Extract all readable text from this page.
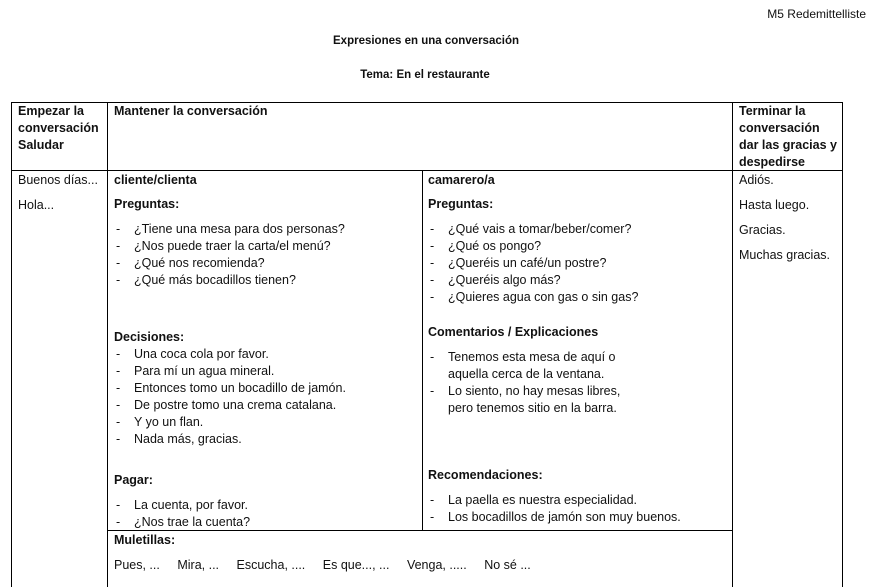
M5 Redemittelliste
Expresiones en una conversación
Tema: En el restaurante
Empezar la conversación Saludar
Mantener la conversación	Terminar la conversación dar las gracias y despedirse

Buenos días...

Hola...

cliente/clienta

Preguntas:

- ¿Tiene una mesa para dos personas?
- ¿Nos puede traer la carta/el menú?
- ¿Qué nos recomienda?
- ¿Qué más bocadillos tienen?

Decisiones:

- Una coca cola por favor.
- Para mí un agua mineral.
- Entonces tomo un bocadillo de jamón.
- De postre tomo una crema catalana.
- Y yo un flan.
- Nada más, gracias.

Pagar:

- La cuenta, por favor.
- ¿Nos trae la cuenta?
camarero/a

Preguntas:

- ¿Qué vais a tomar/beber/comer?
- ¿Qué os pongo?
- ¿Queréis un café/un postre?
- ¿Queréis algo más?
- ¿Quieres agua con gas o sin gas?

Comentarios / Explicaciones

- Tenemos esta mesa de aquí o
aquella cerca de la ventana.
- Lo siento, no hay mesas libres,
pero tenemos sitio en la barra.

Recomendaciones:

- La paella es nuestra especialidad.
- Los bocadillos de jamón son muy buenos.

Adiós.

Hasta luego.

Gracias.

Muchas gracias.

Muletillas:

Pues, ... Mira, ... Escucha, .... Es que..., ... Venga, ..... No sé ...
